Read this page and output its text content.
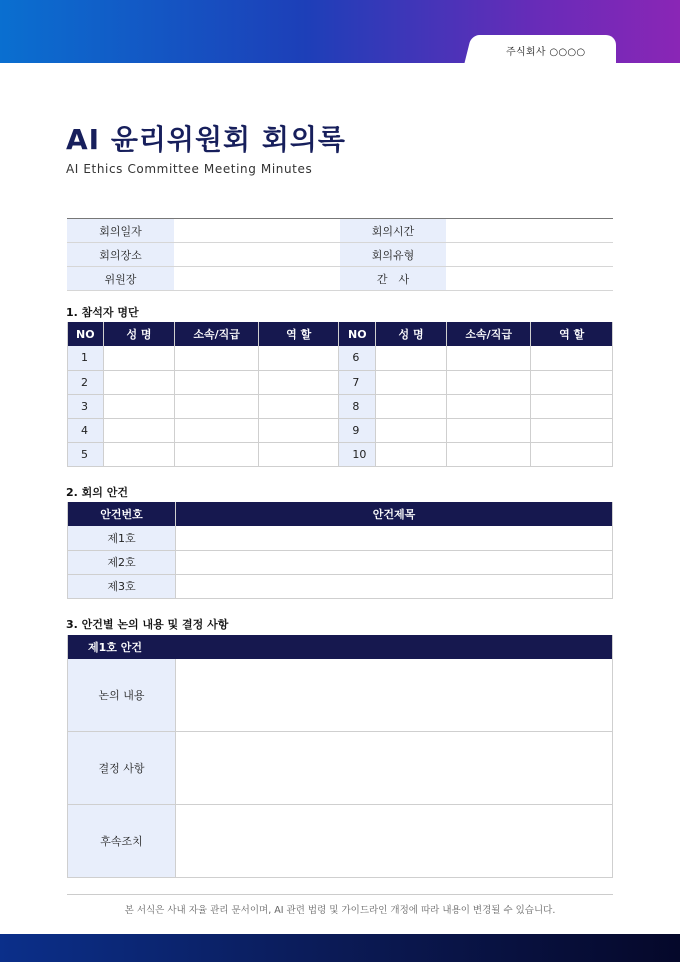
주식회사 ○○○○
AI 윤리위원회 회의록
AI Ethics Committee Meeting Minutes
회의일자		회의시간	
회의장소		회의유형	
위원장		간　사	
1. 참석자 명단
NO	성 명	소속/직급	역 할	NO	성 명	소속/직급	역 할
1				6			
2				7			
3				8			
4				9			
5				10			
2. 회의 안건
안건번호	안건제목
제1호	
제2호	
제3호	
3. 안건별 논의 내용 및 결정 사항
제1호 안건	
논의 내용	
결정 사항	
후속조치	
본 서식은 사내 자율 관리 문서이며, AI 관련 법령 및 가이드라인 개정에 따라 내용이 변경될 수 있습니다.
